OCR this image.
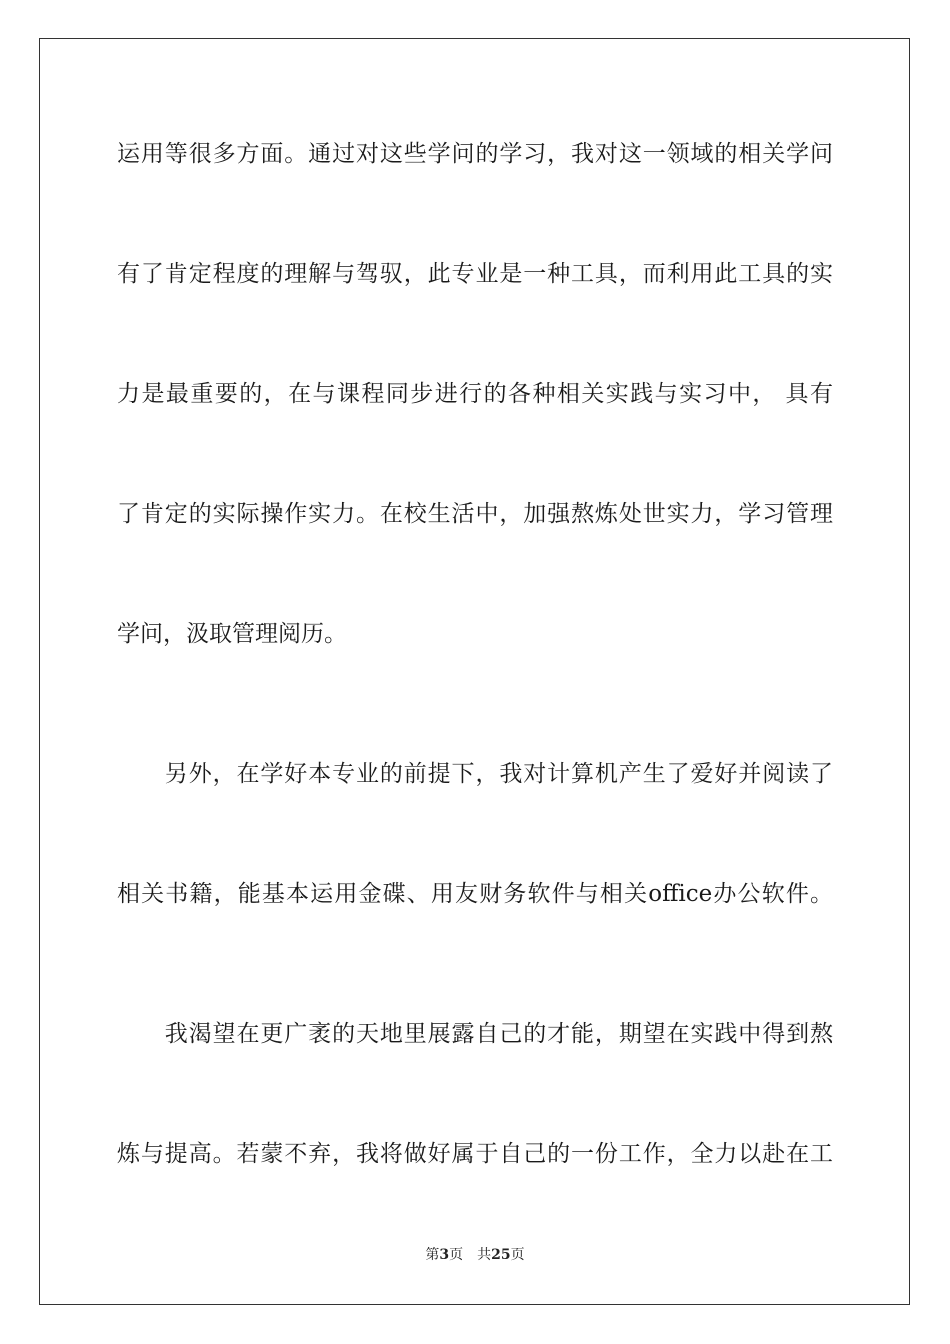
运用等很多方面。通过对这些学问的学习，我对这一领域的相关学问
有了肯定程度的理解与驾驭，此专业是一种工具，而利用此工具的实
力是最重要的，在与课程同步进行的各种相关实践与实习中， 具有
了肯定的实际操作实力。在校生活中，加强熬炼处世实力，学习管理
学问，汲取管理阅历。
　　另外，在学好本专业的前提下，我对计算机产生了爱好并阅读了
相关书籍，能基本运用金碟、用友财务软件与相关office办公软件。
　　我渴望在更广袤的天地里展露自己的才能，期望在实践中得到熬
炼与提高。若蒙不弃，我将做好属于自己的一份工作，全力以赴在工
第3页 共25页
